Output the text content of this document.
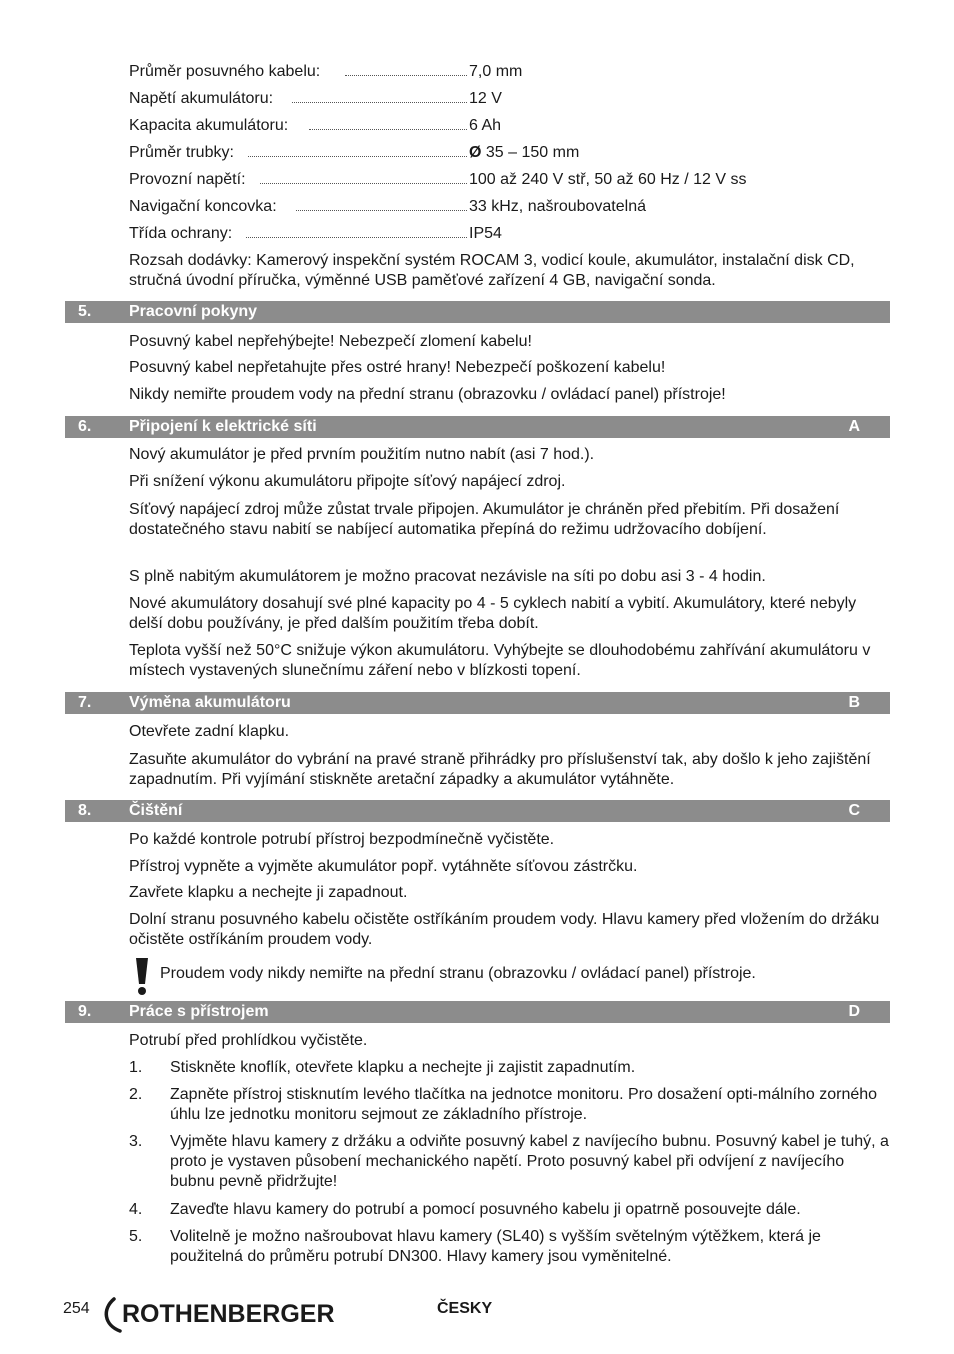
Průměr posuvného kabelu:	7,0 mm
Napětí akumulátoru:	12 V
Kapacita akumulátoru:	6 Ah
Průměr trubky:	Ø 35 – 150 mm
Provozní napětí:	100 až 240 V stř, 50 až 60 Hz / 12 V ss
Navigační koncovka:	33 kHz, našroubovatelná
Třída ochrany:	IP54
Rozsah dodávky: Kamerový inspekční systém ROCAM 3, vodicí koule, akumulátor, instalační disk CD, stručná úvodní příručka, výměnné USB paměťové zařízení 4 GB, navigační sonda.
5. Pracovní pokyny
Posuvný kabel nepřehýbejte! Nebezpečí zlomení kabelu!
Posuvný kabel nepřetahujte přes ostré hrany! Nebezpečí poškození kabelu!
Nikdy nemiřte proudem vody na přední stranu (obrazovku / ovládací panel) přístroje!
6. Připojení k elektrické síti	A
Nový akumulátor je před prvním použitím nutno nabít (asi 7 hod.).
Při snížení výkonu akumulátoru připojte síťový napájecí zdroj.
Síťový napájecí zdroj může zůstat trvale připojen. Akumulátor je chráněn před přebitím. Při dosažení dostatečného stavu nabití se nabíjecí automatika přepíná do režimu udržovacího dobíjení.
S plně nabitým akumulátorem je možno pracovat nezávisle na síti po dobu asi 3 - 4 hodin.
Nové akumulátory dosahují své plné kapacity po 4 - 5 cyklech nabití a vybití. Akumulátory, které nebyly delší dobu používány, je před dalším použitím třeba dobít.
Teplota vyšší než 50°C snižuje výkon akumulátoru. Vyhýbejte se dlouhodobému zahřívání akumulátoru v místech vystavených slunečnímu záření nebo v blízkosti topení.
7. Výměna akumulátoru	B
Otevřete zadní klapku.
Zasuňte akumulátor do vybrání na pravé straně přihrádky pro příslušenství tak, aby došlo k jeho zajištění zapadnutím. Při vyjímání stiskněte aretační západky a akumulátor vytáhněte.
8. Čištění	C
Po každé kontrole potrubí přístroj bezpodmínečně vyčistěte.
Přístroj vypněte a vyjměte akumulátor popř. vytáhněte síťovou zástrčku.
Zavřete klapku a nechejte ji zapadnout.
Dolní stranu posuvného kabelu očistěte ostříkáním proudem vody. Hlavu kamery před vložením do držáku očistěte ostříkáním proudem vody.
Proudem vody nikdy nemiřte na přední stranu (obrazovku / ovládací panel) přístroje.
9. Práce s přístrojem	D
Potrubí před prohlídkou vyčistěte.
1. Stiskněte knoflík, otevřete klapku a nechejte ji zajistit zapadnutím.
2. Zapněte přístroj stisknutím levého tlačítka na jednotce monitoru. Pro dosažení opti-málního zorného úhlu lze jednotku monitoru sejmout ze základního přístroje.
3. Vyjměte hlavu kamery z držáku a odviňte posuvný kabel z navíjecího bubnu. Posuvný kabel je tuhý, a proto je vystaven působení mechanického napětí. Proto posuvný kabel při odvíjení z navíjecího bubnu pevně přidržujte!
4. Zaveďte hlavu kamery do potrubí a pomocí posuvného kabelu ji opatrně posouvejte dále.
5. Volitelně je možno našroubovat hlavu kamery (SL40) s vyšším světelným výtěžkem, která je použitelná do průměru potrubí DN300. Hlavy kamery jsou vyměnitelné.
254 ROTHENBERGER	ČESKY
